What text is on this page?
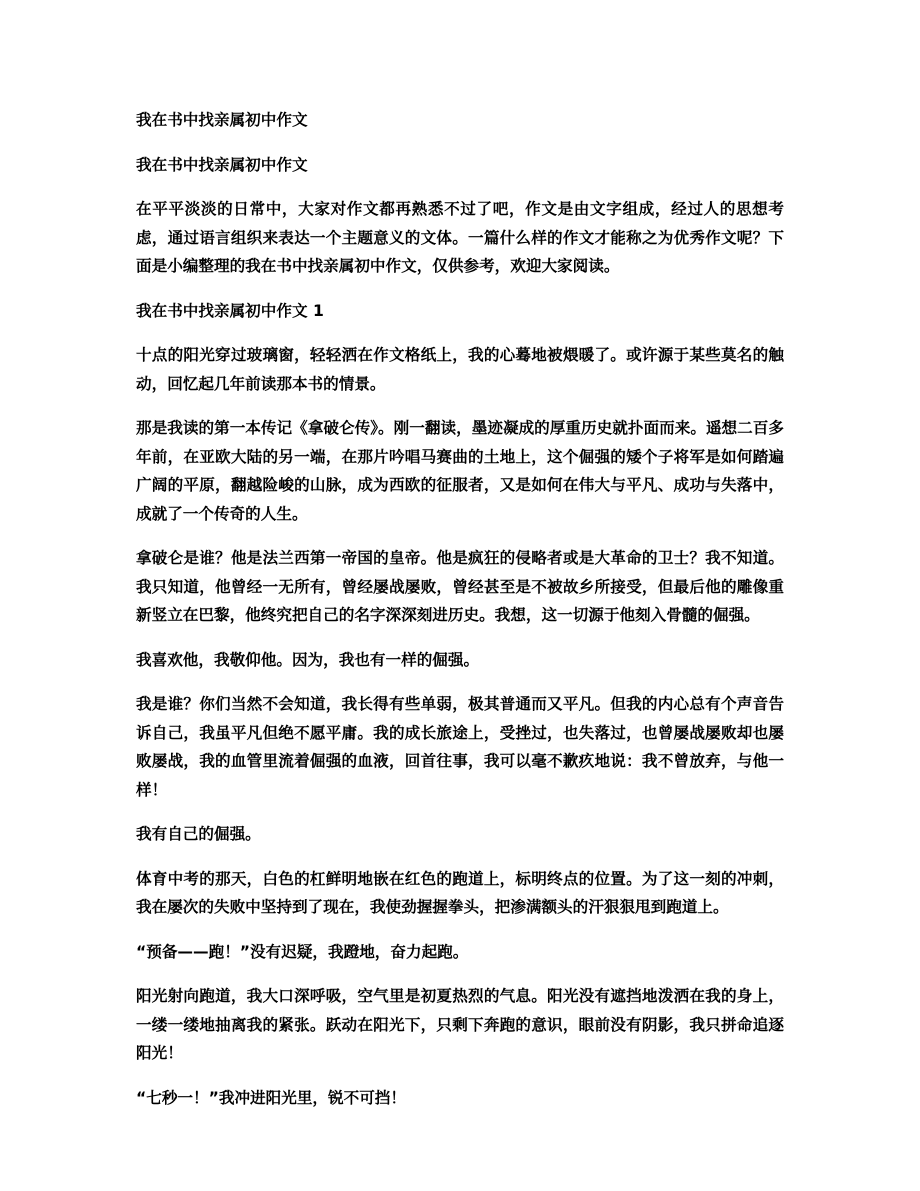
我在书中找亲属初中作文

我在书中找亲属初中作文

在平平淡淡的日常中，大家对作文都再熟悉不过了吧，作文是由文字组成，经过人的思想考虑，通过语言组织来表达一个主题意义的文体。一篇什么样的作文才能称之为优秀作文呢？下面是小编整理的我在书中找亲属初中作文，仅供参考，欢迎大家阅读。

我在书中找亲属初中作文 1

十点的阳光穿过玻璃窗，轻轻洒在作文格纸上，我的心蓦地被煨暖了。或许源于某些莫名的触动，回忆起几年前读那本书的情景。

那是我读的第一本传记《拿破仑传》。刚一翻读，墨迹凝成的厚重历史就扑面而来。遥想二百多年前，在亚欧大陆的另一端，在那片吟唱马赛曲的土地上，这个倔强的矮个子将军是如何踏遍广阔的平原，翻越险峻的山脉，成为西欧的征服者，又是如何在伟大与平凡、成功与失落中，成就了一个传奇的人生。

拿破仑是谁？他是法兰西第一帝国的皇帝。他是疯狂的侵略者或是大革命的卫士？我不知道。我只知道，他曾经一无所有，曾经屡战屡败，曾经甚至是不被故乡所接受，但最后他的雕像重新竖立在巴黎，他终究把自己的名字深深刻进历史。我想，这一切源于他刻入骨髓的倔强。

我喜欢他，我敬仰他。因为，我也有一样的倔强。

我是谁？你们当然不会知道，我长得有些单弱，极其普通而又平凡。但我的内心总有个声音告诉自己，我虽平凡但绝不愿平庸。我的成长旅途上，受挫过，也失落过，也曾屡战屡败却也屡败屡战，我的血管里流着倔强的血液，回首往事，我可以毫不歉疚地说：我不曾放弃，与他一样！

我有自己的倔强。

体育中考的那天，白色的杠鲜明地嵌在红色的跑道上，标明终点的位置。为了这一刻的冲刺，我在屡次的失败中坚持到了现在，我使劲握握拳头，把渗满额头的汗狠狠甩到跑道上。

“预备——跑！”没有迟疑，我蹬地，奋力起跑。

阳光射向跑道，我大口深呼吸，空气里是初夏热烈的气息。阳光没有遮挡地泼洒在我的身上，一缕一缕地抽离我的紧张。跃动在阳光下，只剩下奔跑的意识，眼前没有阴影，我只拼命追逐阳光！

“七秒一！”我冲进阳光里，锐不可挡！
